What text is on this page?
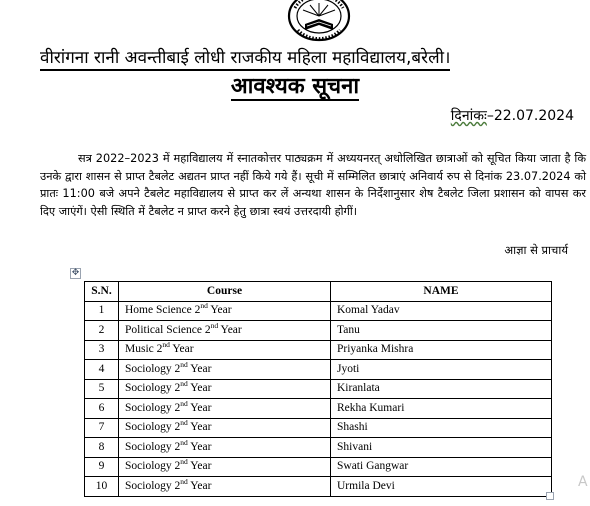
वीरांगना रानी अवन्तीबाई लोधी राजकीय महिला महाविद्यालय,बरेली।
आवश्यक सूचना
दिनांकः–22.07.2024
सत्र 2022–2023 में महाविद्यालय में स्नातकोत्तर पाठ्यक्रम में अध्ययनरत् अधोलिखित छात्राओं को सूचित किया जाता है कि उनके द्वारा शासन से प्राप्त टैबलेट अद्यतन प्राप्त नहीं किये गये हैं। सूची में सम्मिलित छात्राएं अनिवार्य रुप से दिनांक 23.07.2024 को प्रातः 11:00 बजे अपने टैबलेट महाविद्यालय से प्राप्त कर लें अन्यथा शासन के निर्देशानुसार शेष टैबलेट जिला प्रशासन को वापस कर दिए जाएंगें। ऐसी स्थिति में टैबलेट न प्राप्त करने हेतु छात्रा स्वयं उत्तरदायी होगीं।
आज्ञा से प्राचार्य
✥
S.N.	Course	NAME
1	Home Science 2nd Year	Komal Yadav
2	Political Science 2nd Year	Tanu
3	Music 2nd Year	Priyanka Mishra
4	Sociology 2nd Year	Jyoti
5	Sociology 2nd Year	Kiranlata
6	Sociology 2nd Year	Rekha Kumari
7	Sociology 2nd Year	Shashi
8	Sociology 2nd Year	Shivani
9	Sociology 2nd Year	Swati Gangwar
10	Sociology 2nd Year	Urmila Devi	A
